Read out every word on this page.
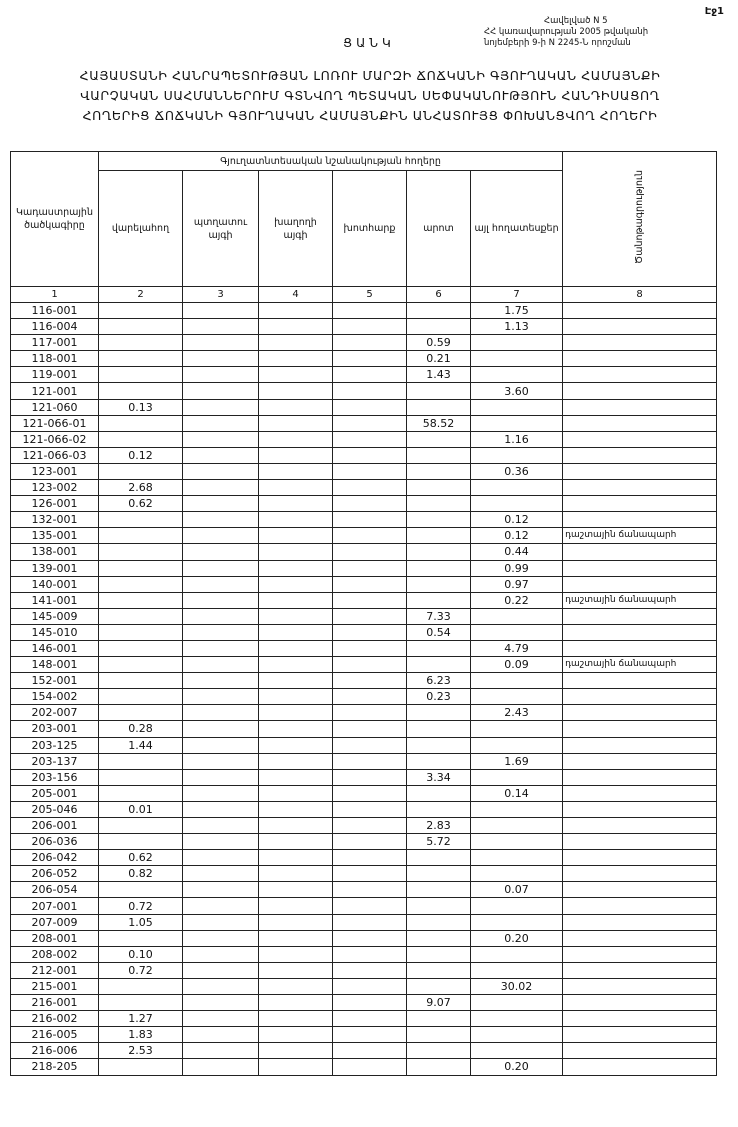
Էջ1
Հավելված N 5
ՀՀ կառավարության 2005 թվականի
նոյեմբերի 9-ի N 2245-Ն որոշման
ՑԱՆԿ
ՀԱՅԱՍՏԱՆԻ ՀԱՆՐԱՊԵՏՈՒԹՅԱՆ ԼՈՌՈՒ ՄԱՐԶԻ ՃՈՃԿԱՆԻ ԳՅՈՒՂԱԿԱՆ ՀԱՄԱՅՆՔԻ
ՎԱՐՉԱԿԱՆ ՍԱՀՄԱՆՆԵՐՈՒՄ ԳՏՆՎՈՂ ՊԵՏԱԿԱՆ ՍԵՓԱԿԱՆՈՒԹՅՈՒՆ ՀԱՆԴԻՍԱՑՈՂ
ՀՈՂԵՐԻՑ ՃՈՃԿԱՆԻ ԳՅՈՒՂԱԿԱՆ ՀԱՄԱՅՆՔԻՆ ԱՆՀԱՏՈՒՅՑ ՓՈԽԱՆՑՎՈՂ ՀՈՂԵՐԻ
Կադաստրային ծածկագիրը	Գյուղատնտեսական նշանակության հողերը						Ծանոթագրություն
	վարելահող	պտղատու այգի	խաղողի այգի	խոտհարք	արոտ	այլ հողատեսքեր	
1	2	3	4	5	6	7	8
116-001						1.75	
116-004						1.13	
117-001					0.59		
118-001					0.21		
119-001					1.43		
121-001						3.60	
121-060	0.13						
121-066-01					58.52		
121-066-02						1.16	
121-066-03	0.12						
123-001						0.36	
123-002	2.68						
126-001	0.62						
132-001						0.12	
135-001						0.12	դաշտային ճանապարհ
138-001						0.44	
139-001						0.99	
140-001						0.97	
141-001						0.22	դաշտային ճանապարհ
145-009					7.33		
145-010					0.54		
146-001						4.79	
148-001						0.09	դաշտային ճանապարհ
152-001					6.23		
154-002					0.23		
202-007						2.43	
203-001	0.28						
203-125	1.44						
203-137						1.69	
203-156					3.34		
205-001						0.14	
205-046	0.01						
206-001					2.83		
206-036					5.72		
206-042	0.62						
206-052	0.82						
206-054						0.07	
207-001	0.72						
207-009	1.05						
208-001						0.20	
208-002	0.10						
212-001	0.72						
215-001						30.02	
216-001					9.07		
216-002	1.27						
216-005	1.83						
216-006	2.53						
218-205						0.20	
